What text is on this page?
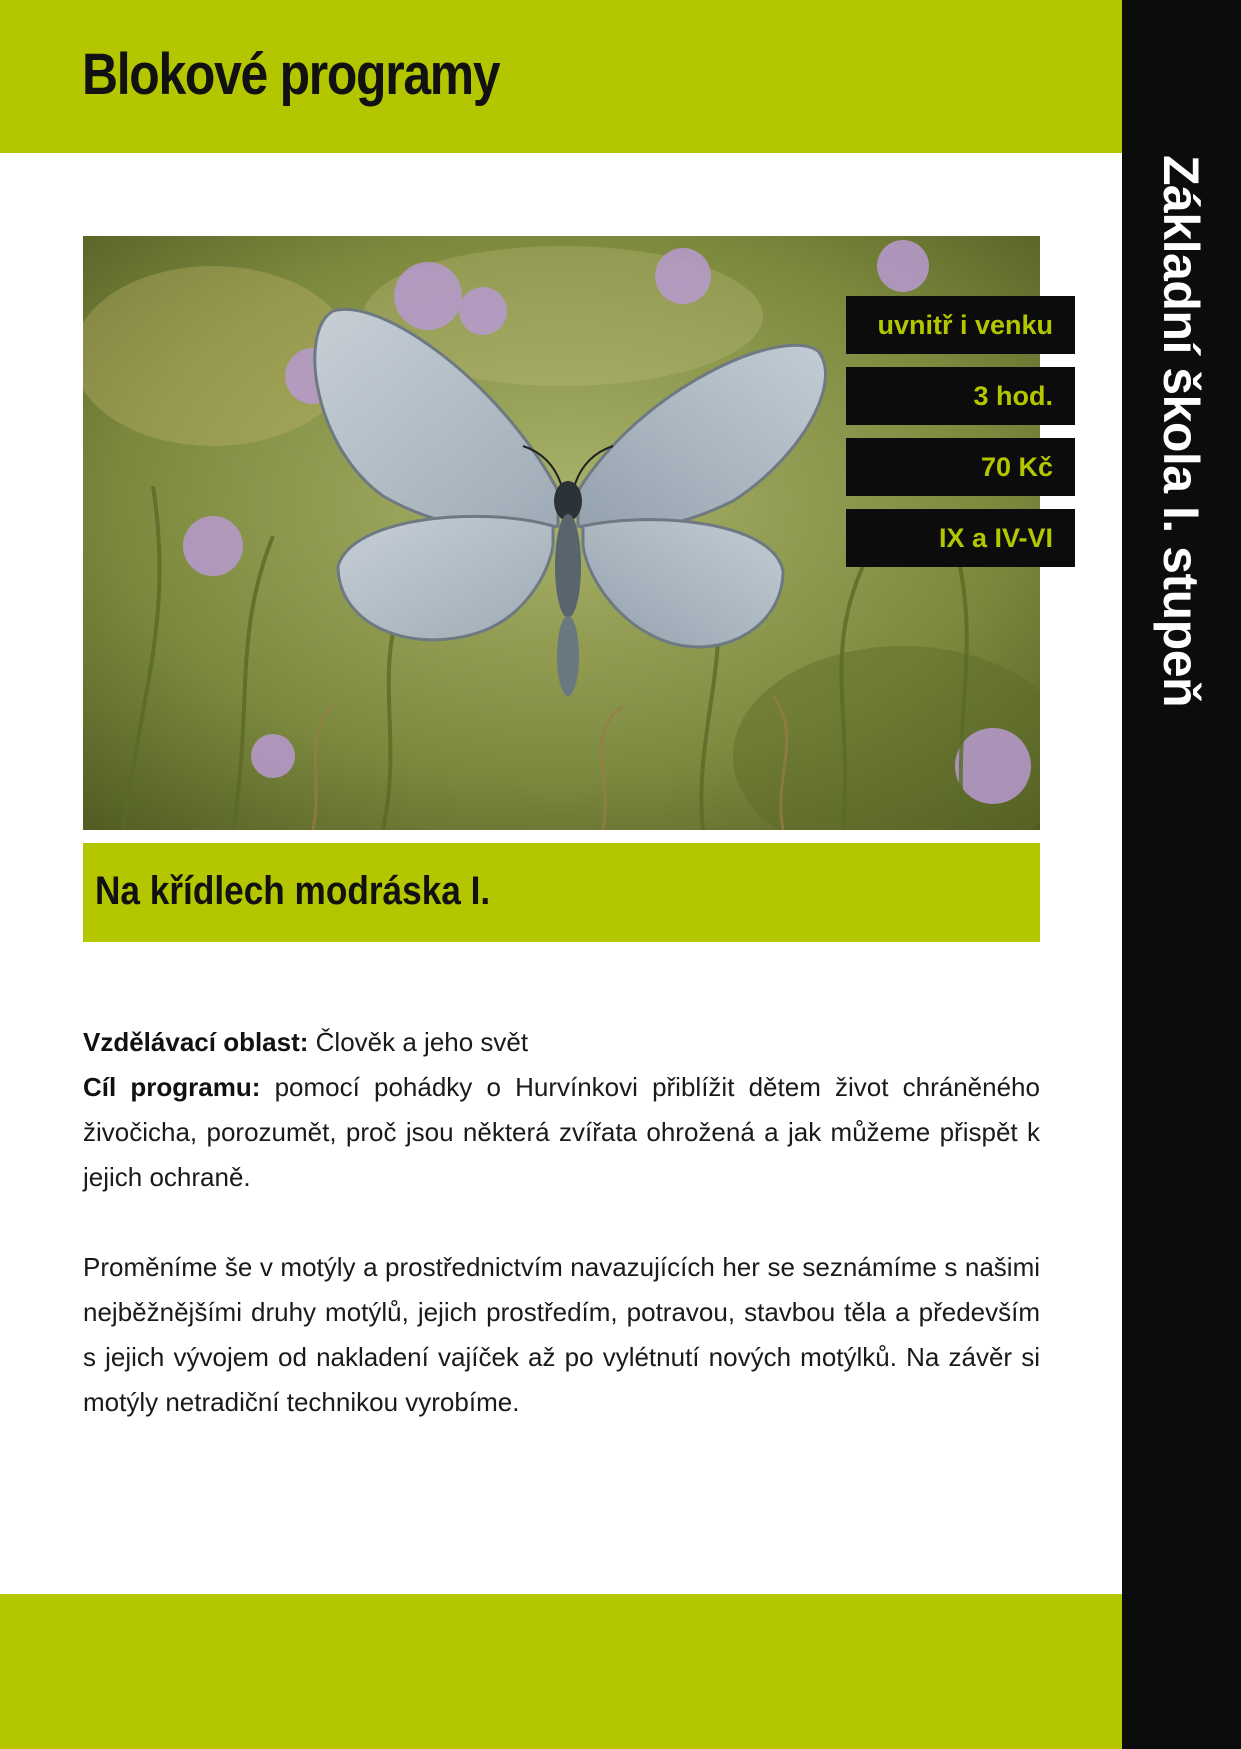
Blokové programy
Základní škola I. stupeň
uvnitř i venku
3 hod.
70 Kč
IX a IV-VI
Na křídlech modráska I.

Vzdělávací oblast: Člověk a jeho svět

Cíl programu: pomocí pohádky o Hurvínkovi přiblížit dětem život chráněného živočicha, porozumět, proč jsou některá zvířata ohrožená a jak můžeme přispět k jejich ochraně.

Proměníme še v motýly a prostřednictvím navazujících her se seznámíme s našimi nejběžnějšími druhy motýlů, jejich prostředím, potravou, stavbou těla a především s jejich vývojem od nakladení vajíček až po vylétnutí nových motýlků. Na závěr si motýly netradiční technikou vyrobíme.
